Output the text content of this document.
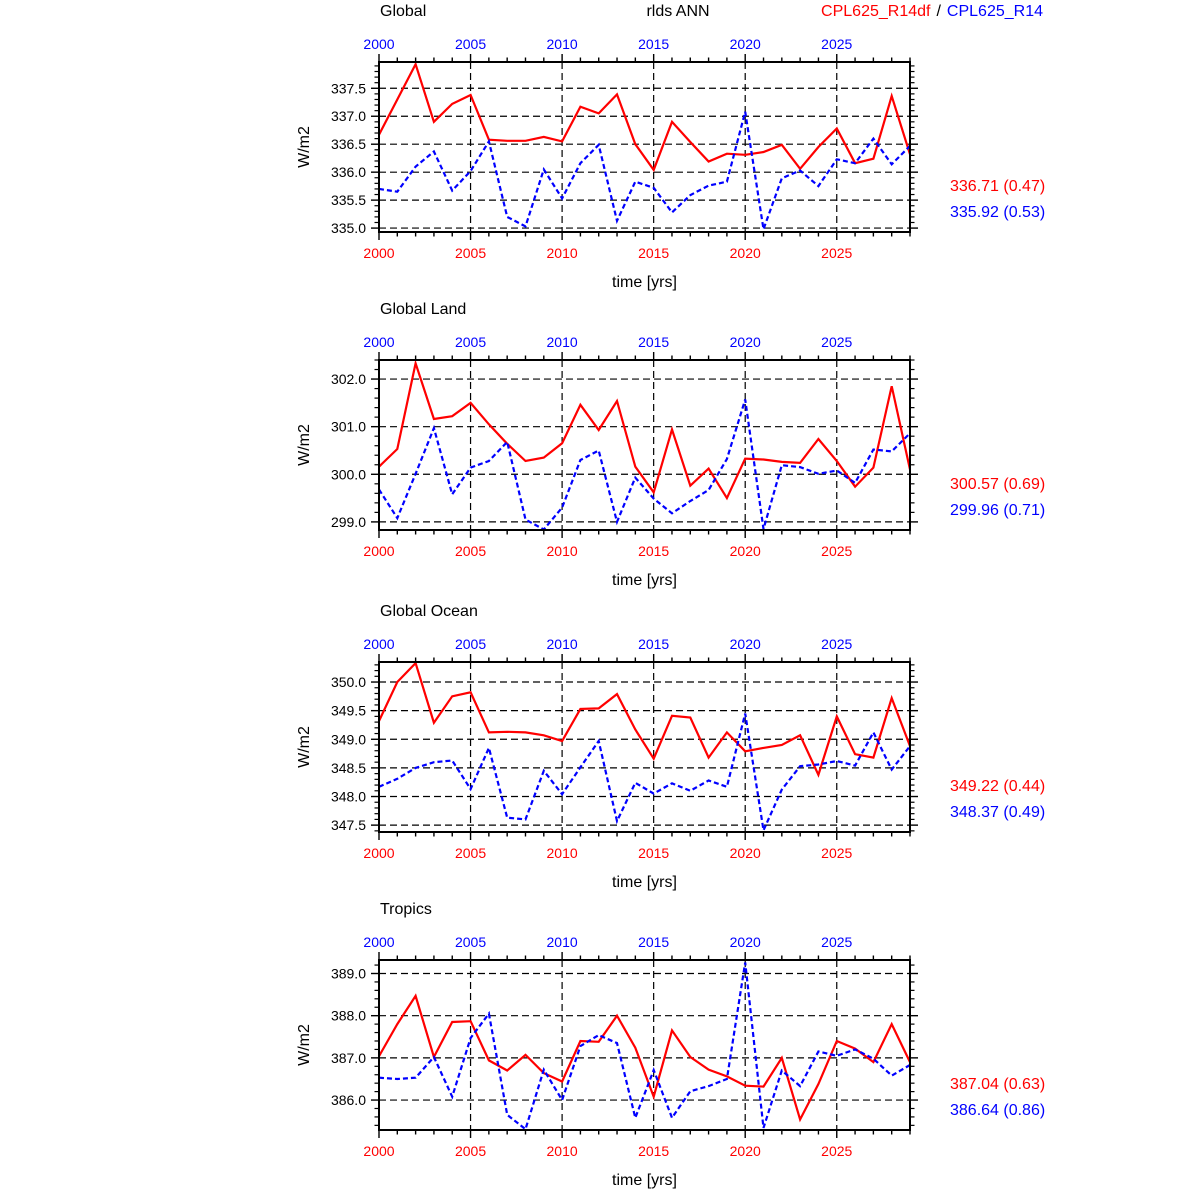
2000
2000
2005
2005
2010
2010
2015
2015
2020
2020
2025
2025
335.0
335.5
336.0
336.5
337.0
337.5
2000
2000
2005
2005
2010
2010
2015
2015
2020
2020
2025
2025
299.0
300.0
301.0
302.0
2000
2000
2005
2005
2010
2010
2015
2015
2020
2020
2025
2025
347.5
348.0
348.5
349.0
349.5
350.0
2000
2000
2005
2005
2010
2010
2015
2015
2020
2020
2025
2025
386.0
387.0
388.0
389.0
Global	rlds ANN	CPL625_R14df / CPL625_R14
Global Land
Global Ocean
Tropics
W/m2
W/m2
W/m2
W/m2
time [yrs]
time [yrs]
time [yrs]
time [yrs]
336.71 (0.47)
335.92 (0.53)
300.57 (0.69)
299.96 (0.71)
349.22 (0.44)
348.37 (0.49)
387.04 (0.63)
386.64 (0.86)
